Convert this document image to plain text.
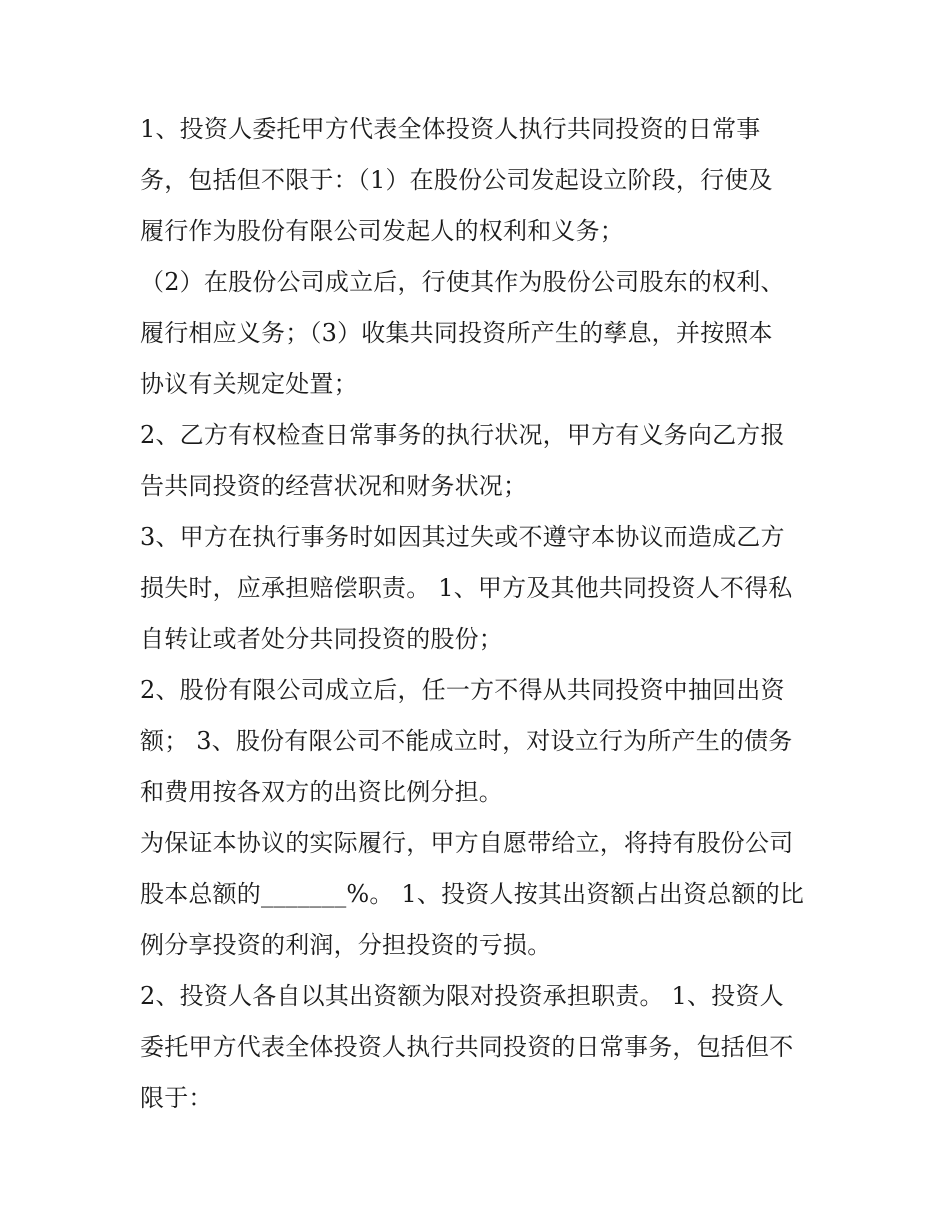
1、投资人委托甲方代表全体投资人执行共同投资的日常事
务，包括但不限于：（1）在股份公司发起设立阶段，行使及
履行作为股份有限公司发起人的权利和义务；
（2）在股份公司成立后，行使其作为股份公司股东的权利、
履行相应义务；（3）收集共同投资所产生的孳息，并按照本
协议有关规定处置；
2、乙方有权检查日常事务的执行状况，甲方有义务向乙方报
告共同投资的经营状况和财务状况；
3、甲方在执行事务时如因其过失或不遵守本协议而造成乙方
损失时，应承担赔偿职责。 1、甲方及其他共同投资人不得私
自转让或者处分共同投资的股份；
2、股份有限公司成立后，任一方不得从共同投资中抽回出资
额； 3、股份有限公司不能成立时，对设立行为所产生的债务
和费用按各双方的出资比例分担。
为保证本协议的实际履行，甲方自愿带给立，将持有股份公司
股本总额的_______%。 1、投资人按其出资额占出资总额的比
例分享投资的利润，分担投资的亏损。
2、投资人各自以其出资额为限对投资承担职责。 1、投资人
委托甲方代表全体投资人执行共同投资的日常事务，包括但不
限于：
